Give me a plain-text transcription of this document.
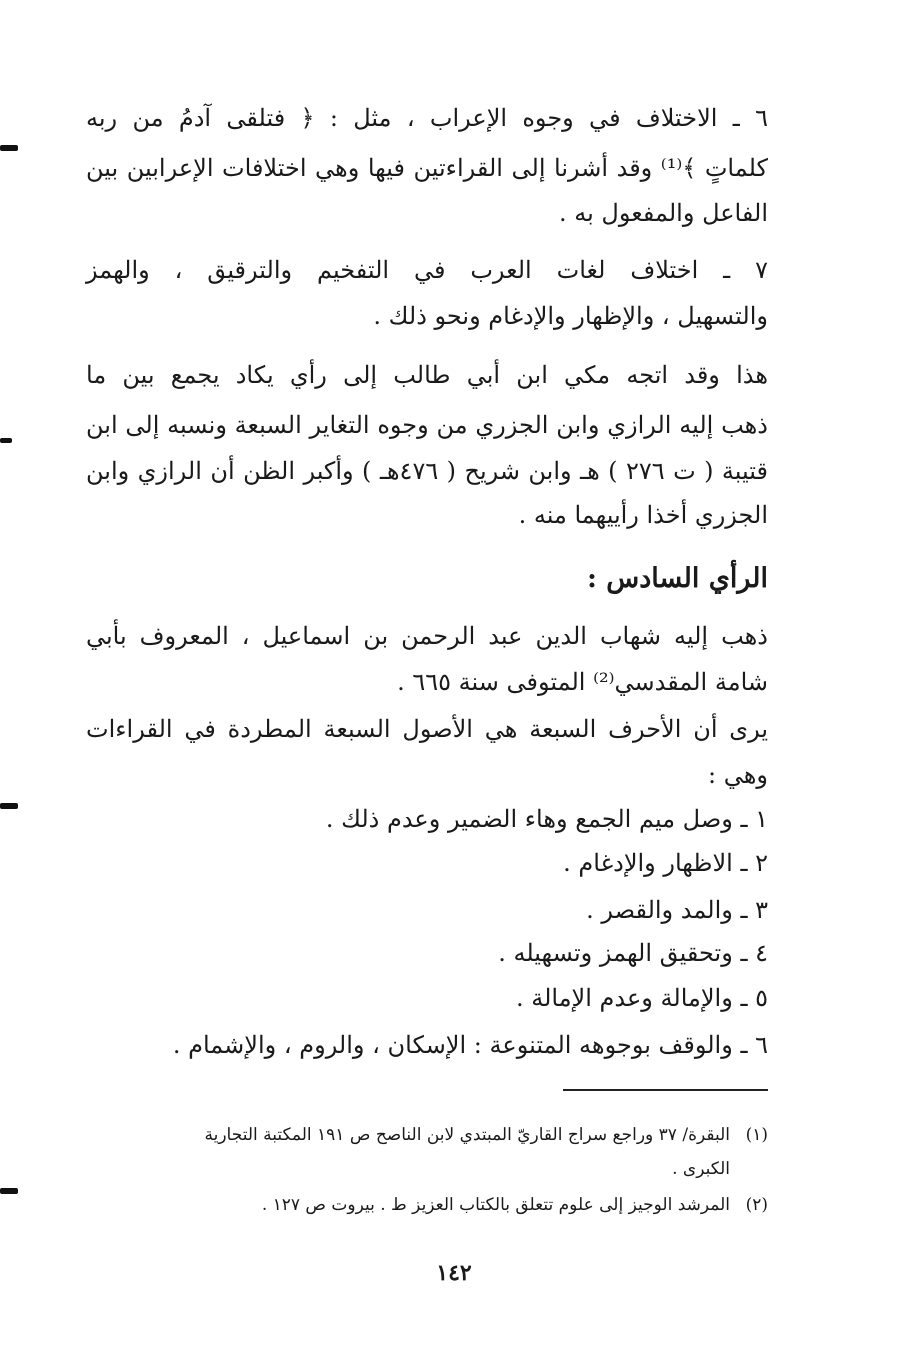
٦ ـ الاختلاف في وجوه الإعراب ، مثل : ﴿ فتلقى آدمُ من ربه
كلماتٍ ﴾⁽¹⁾ وقد أشرنا إلى القراءتين فيها وهي اختلافات الإعرابين بين
الفاعل والمفعول به .
٧ ـ اختلاف لغات العرب في التفخيم والترقيق ، والهمز
والتسهيل ، والإظهار والإدغام ونحو ذلك .
هذا وقد اتجه مكي ابن أبي طالب إلى رأي يكاد يجمع بين ما
ذهب إليه الرازي وابن الجزري من وجوه التغاير السبعة ونسبه إلى ابن
قتيبة ( ت ٢٧٦ ) هـ وابن شريح ( ٤٧٦هـ ) وأكبر الظن أن الرازي وابن
الجزري أخذا رأييهما منه .
الرأي السادس :
ذهب إليه شهاب الدين عبد الرحمن بن اسماعيل ، المعروف بأبي
شامة المقدسي⁽²⁾ المتوفى سنة ٦٦٥ .
يرى أن الأحرف السبعة هي الأصول السبعة المطردة في القراءات
وهي :
١ ـ وصل ميم الجمع وهاء الضمير وعدم ذلك .
٢ ـ الاظهار والإدغام .
٣ ـ والمد والقصر .
٤ ـ وتحقيق الهمز وتسهيله .
٥ ـ والإمالة وعدم الإمالة .
٦ ـ والوقف بوجوهه المتنوعة : الإسكان ، والروم ، والإشمام .
(١)البقرة/ ٣٧ وراجع سراج القاريّ المبتدي لابن الناصح ص ١٩١ المكتبة التجارية
الكبرى .
(٢)المرشد الوجيز إلى علوم تتعلق بالكتاب العزيز ط . بيروت ص ١٢٧ .
١٤٢
